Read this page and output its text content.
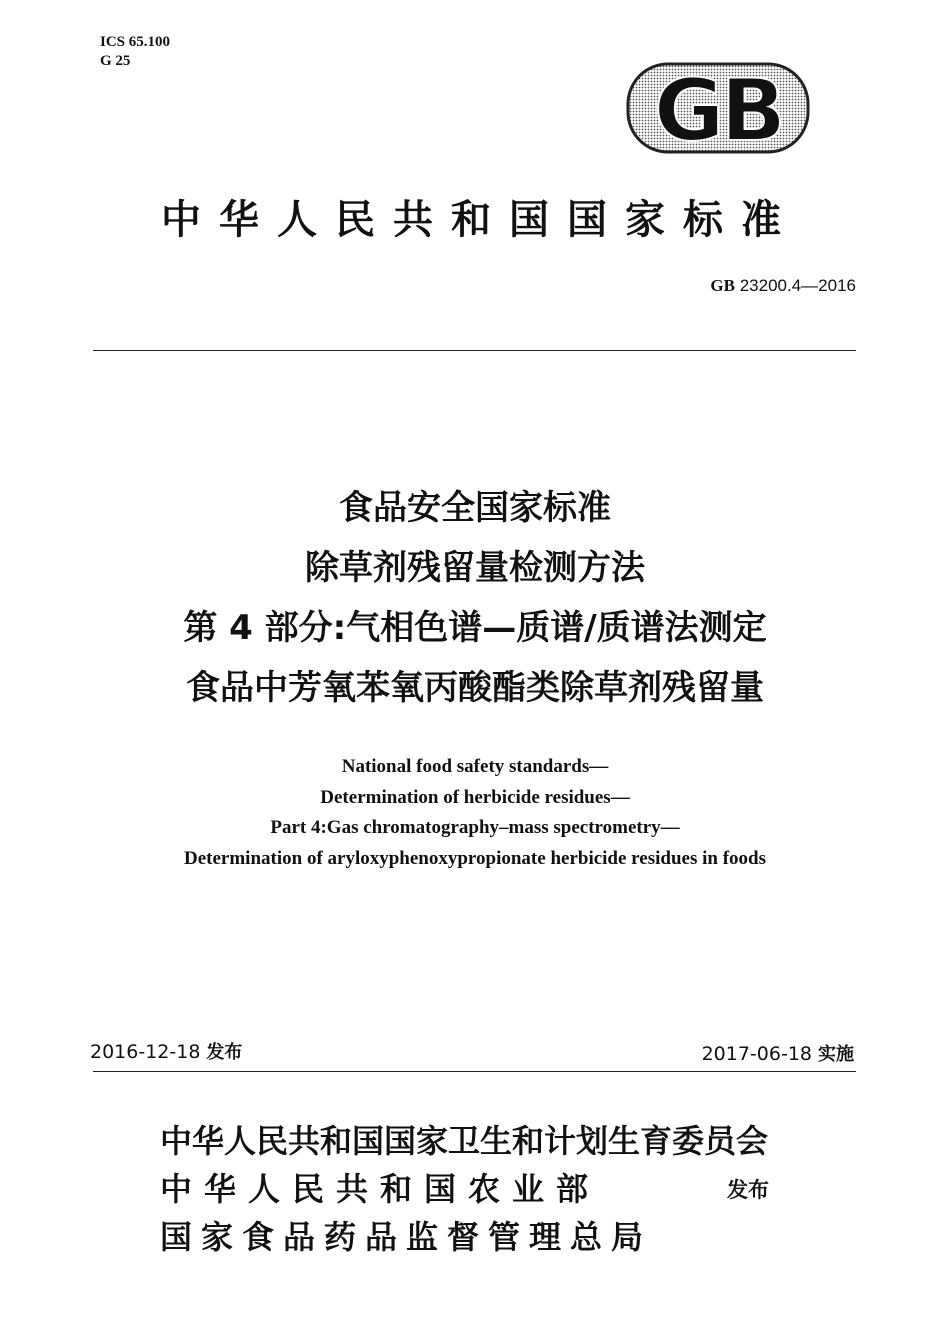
ICS 65.100
G 25	GB
中华人民共和国国家标准
GB 23200.4—2016
食品安全国家标准
除草剂残留量检测方法
第 4 部分:气相色谱—质谱/质谱法测定
食品中芳氧苯氧丙酸酯类除草剂残留量
National food safety standards—
Determination of herbicide residues—
Part 4:Gas chromatography–mass spectrometry—
Determination of aryloxyphenoxypropionate herbicide residues in foods
2016-12-18 发布	2017-06-18 实施
中华人民共和国国家卫生和计划生育委员会
中华人民共和国农业部
国家食品药品监督管理总局
发布
